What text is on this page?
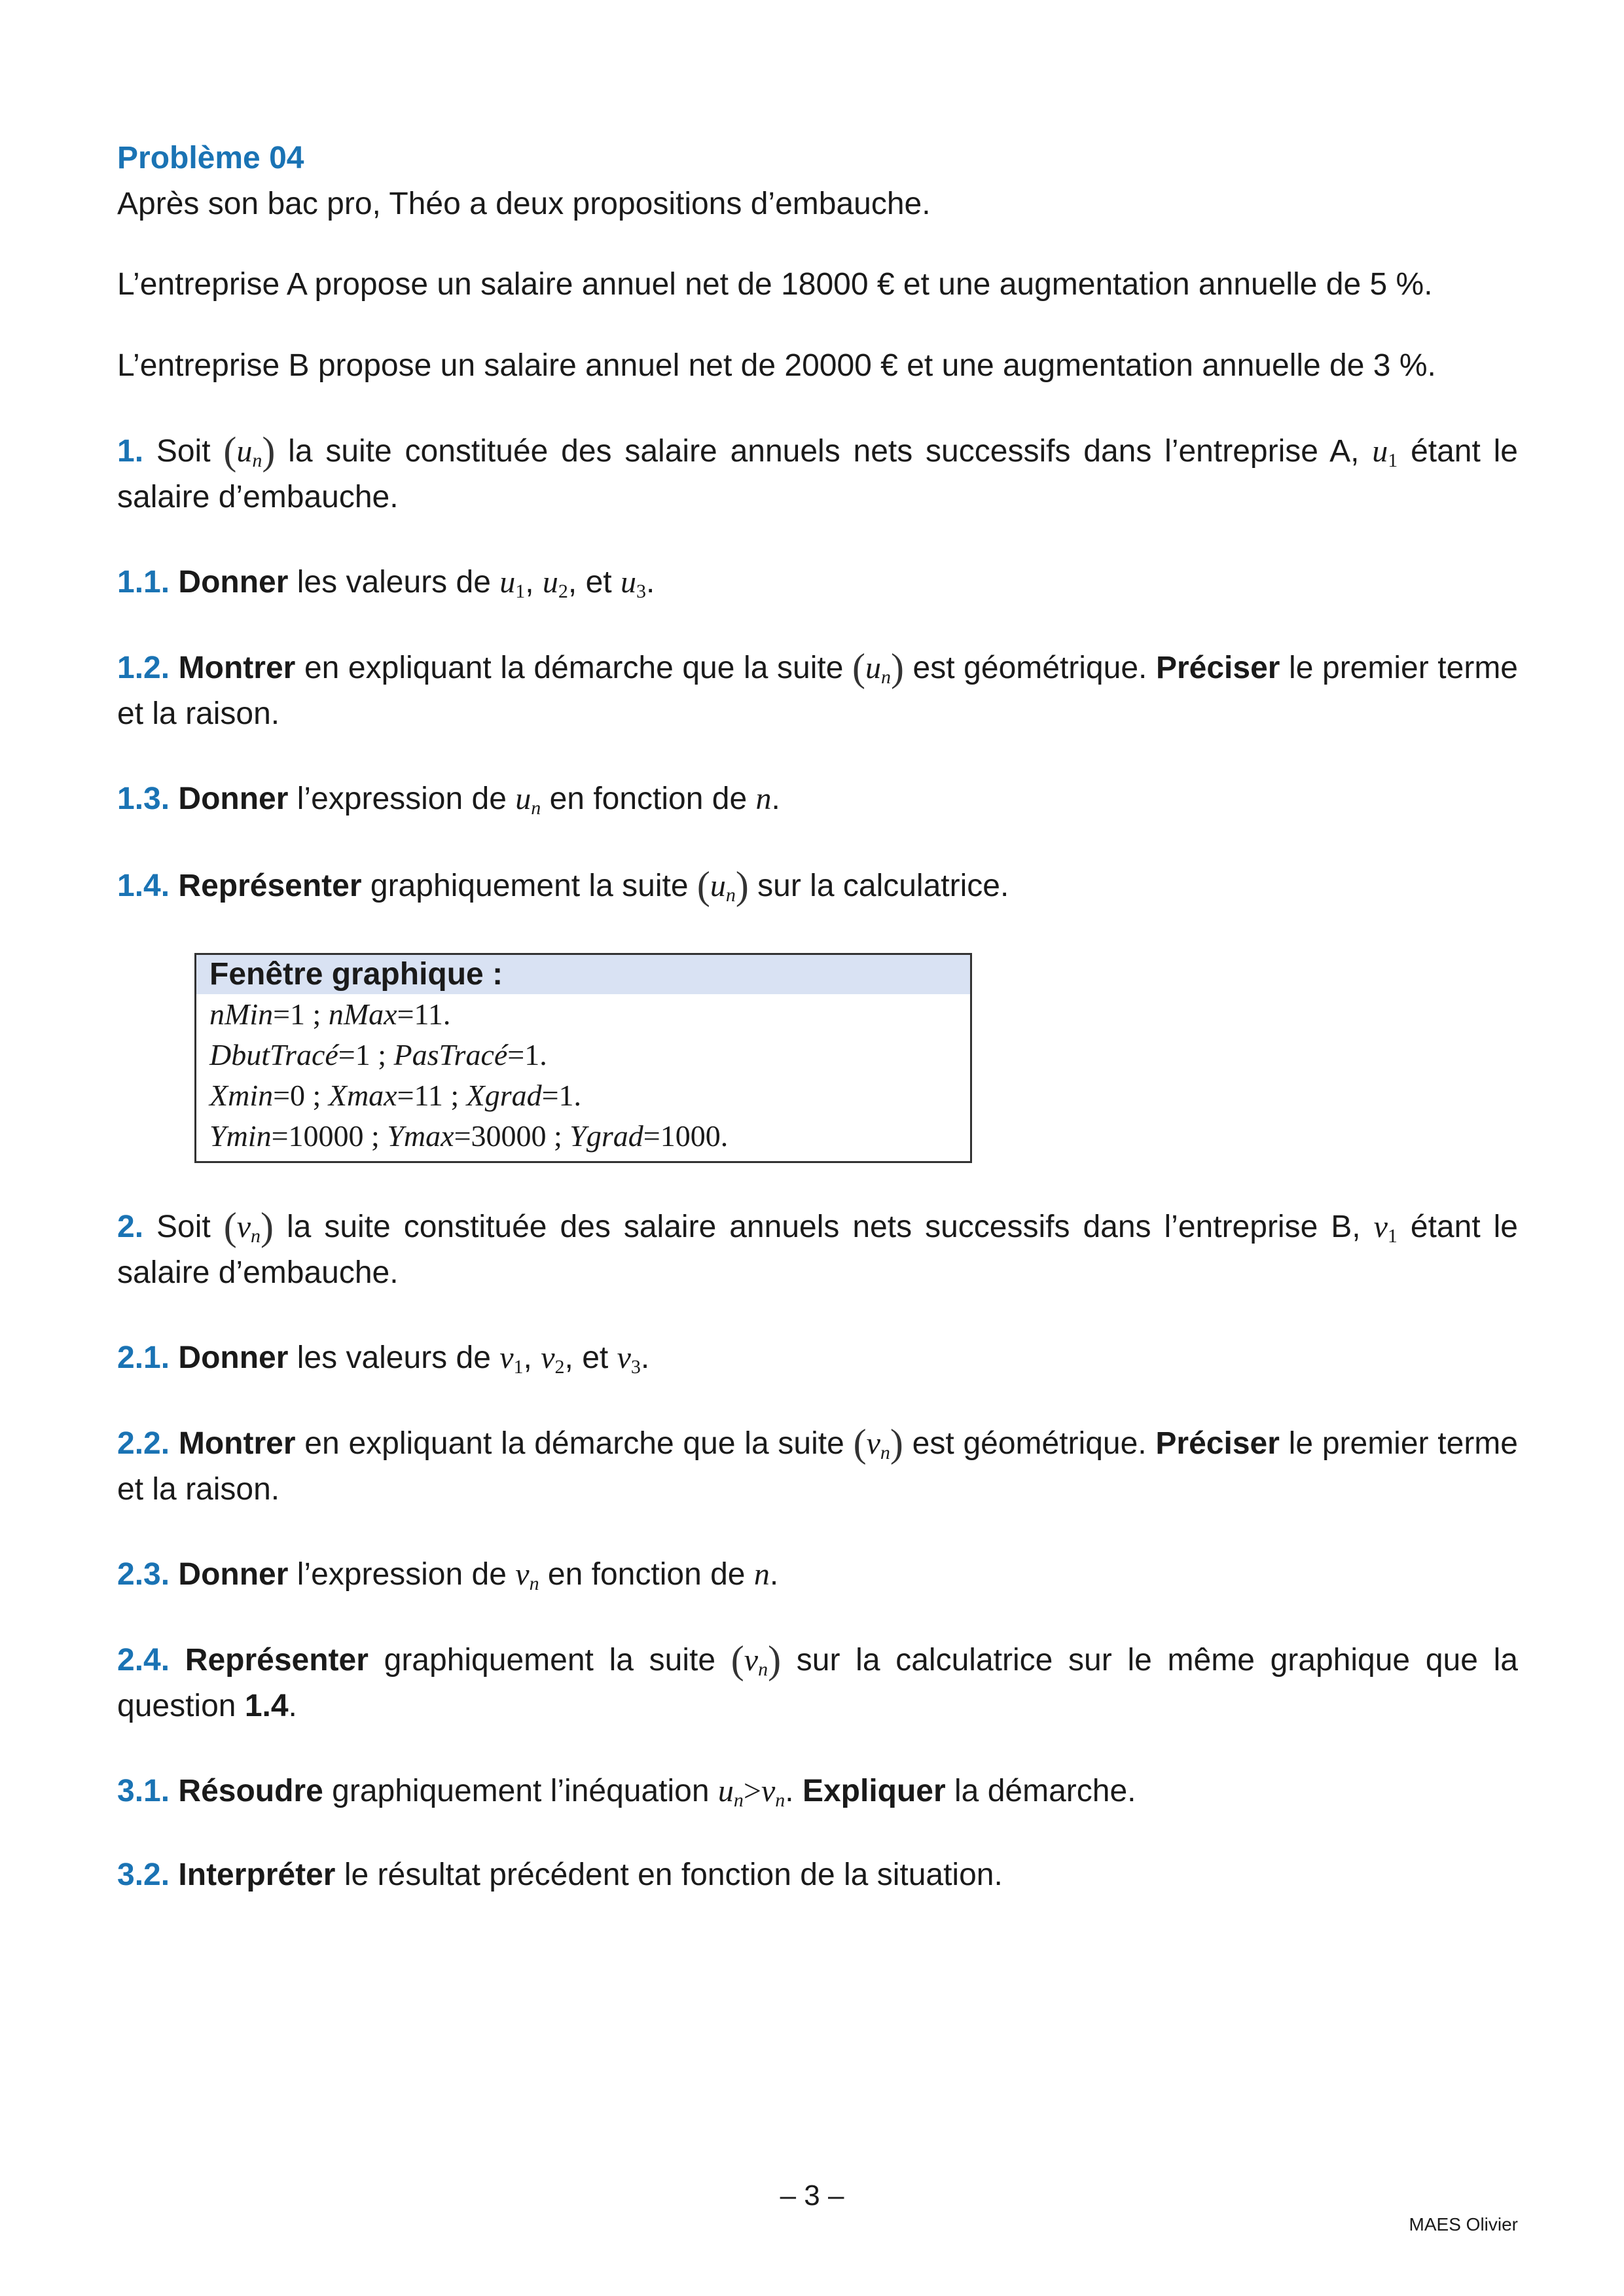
Problème 04
Après son bac pro, Théo a deux propositions d’embauche.
L’entreprise A propose un salaire annuel net de 18000 € et une augmentation annuelle de 5 %.
L’entreprise B propose un salaire annuel net de 20000 € et une augmentation annuelle de 3 %.
1. Soit $(u_n)$ la suite constituée des salaire annuels nets successifs dans l’entreprise A, $u_1$ étant le salaire d’embauche.
1.1. Donner les valeurs de $u_1$, $u_2$, et $u_3$.
1.2. Montrer en expliquant la démarche que la suite $(u_n)$ est géométrique. Préciser le premier terme et la raison.
1.3. Donner l’expression de $u_n$ en fonction de n.
1.4. Représenter graphiquement la suite $(u_n)$ sur la calculatrice.
Fenêtre graphique :
nMin=1 ; nMax=11.
DbutTracé=1 ; PasTracé=1.
Xmin=0 ; Xmax=11 ; Xgrad=1.
Ymin=10000 ; Ymax=30000 ; Ygrad=1000.
2. Soit $(v_n)$ la suite constituée des salaire annuels nets successifs dans l’entreprise B, $v_1$ étant le salaire d’embauche.
2.1. Donner les valeurs de $v_1$, $v_2$, et $v_3$.
2.2. Montrer en expliquant la démarche que la suite $(v_n)$ est géométrique. Préciser le premier terme et la raison.
2.3. Donner l’expression de $v_n$ en fonction de n.
2.4. Représenter graphiquement la suite $(v_n)$ sur la calculatrice sur le même graphique que la question 1.4.
3.1. Résoudre graphiquement l’inéquation $u_n>v_n$. Expliquer la démarche.
3.2. Interpréter le résultat précédent en fonction de la situation.
– 3 –
MAES Olivier
